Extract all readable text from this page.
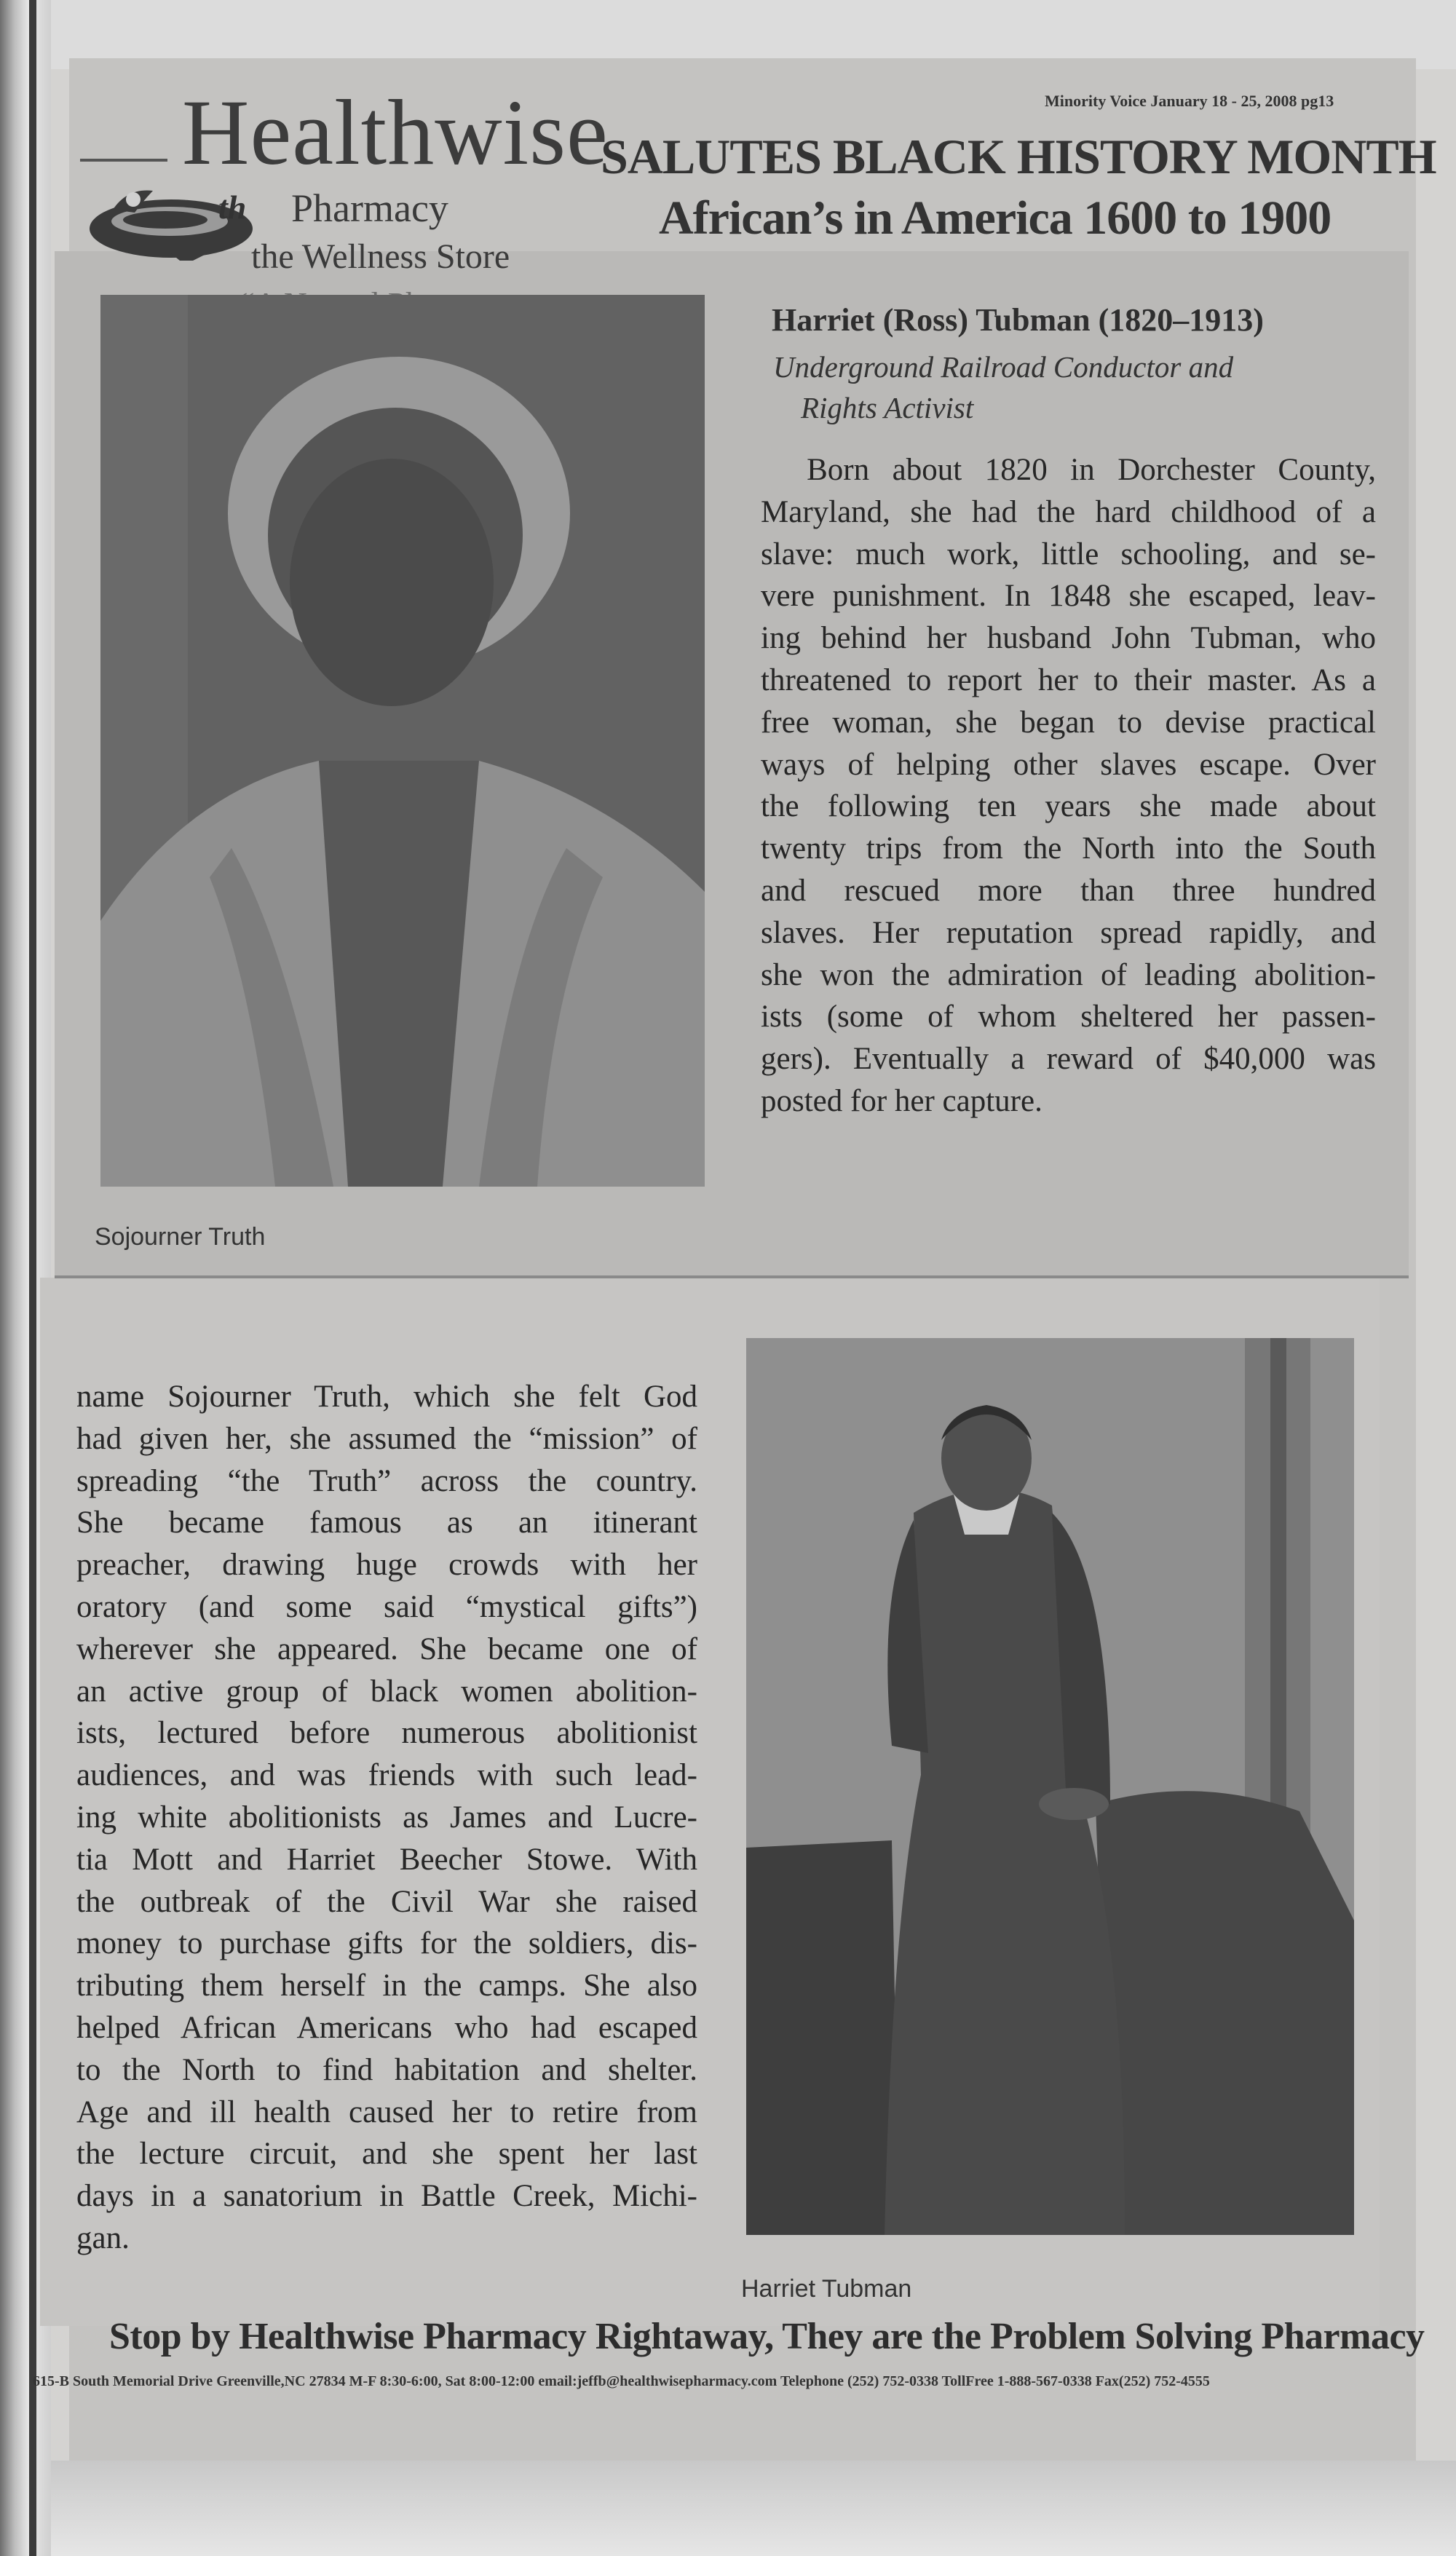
Minority Voice January 18 - 25, 2008 pg13
Healthwise
th Pharmacy
the Wellness Store
SALUTES BLACK HISTORY MONTH
African’s in America 1600 to 1900
Sojourner Truth
Harriet (Ross) Tubman (1820–1913)
Underground Railroad Conductor and
Rights Activist
Born about 1820 in Dorchester County,
Maryland, she had the hard childhood of a
slave: much work, little schooling, and se-
vere punishment. In 1848 she escaped, leav-
ing behind her husband John Tubman, who
threatened to report her to their master. As a
free woman, she began to devise practical
ways of helping other slaves escape. Over
the following ten years she made about
twenty trips from the North into the South
and rescued more than three hundred
slaves. Her reputation spread rapidly, and
she won the admiration of leading abolition-
ists (some of whom sheltered her passen-
gers). Eventually a reward of $40,000 was
posted for her capture.
name Sojourner Truth, which she felt God
had given her, she assumed the “mission” of
spreading “the Truth” across the country.
She became famous as an itinerant
preacher, drawing huge crowds with her
oratory (and some said “mystical gifts”)
wherever she appeared. She became one of
an active group of black women abolition-
ists, lectured before numerous abolitionist
audiences, and was friends with such lead-
ing white abolitionists as James and Lucre-
tia Mott and Harriet Beecher Stowe. With
the outbreak of the Civil War she raised
money to purchase gifts for the soldiers, dis-
tributing them herself in the camps. She also
helped African Americans who had escaped
to the North to find habitation and shelter.
Age and ill health caused her to retire from
the lecture circuit, and she spent her last
days in a sanatorium in Battle Creek, Michi-
gan.
Harriet Tubman
Stop by Healthwise Pharmacy Rightaway, They are the Problem Solving Pharmacy
615-B South Memorial Drive Greenville,NC 27834 M-F 8:30-6:00, Sat 8:00-12:00 email:jeffb@healthwisepharmacy.com Telephone (252) 752-0338 TollFree 1-888-567-0338 Fax(252) 752-4555
